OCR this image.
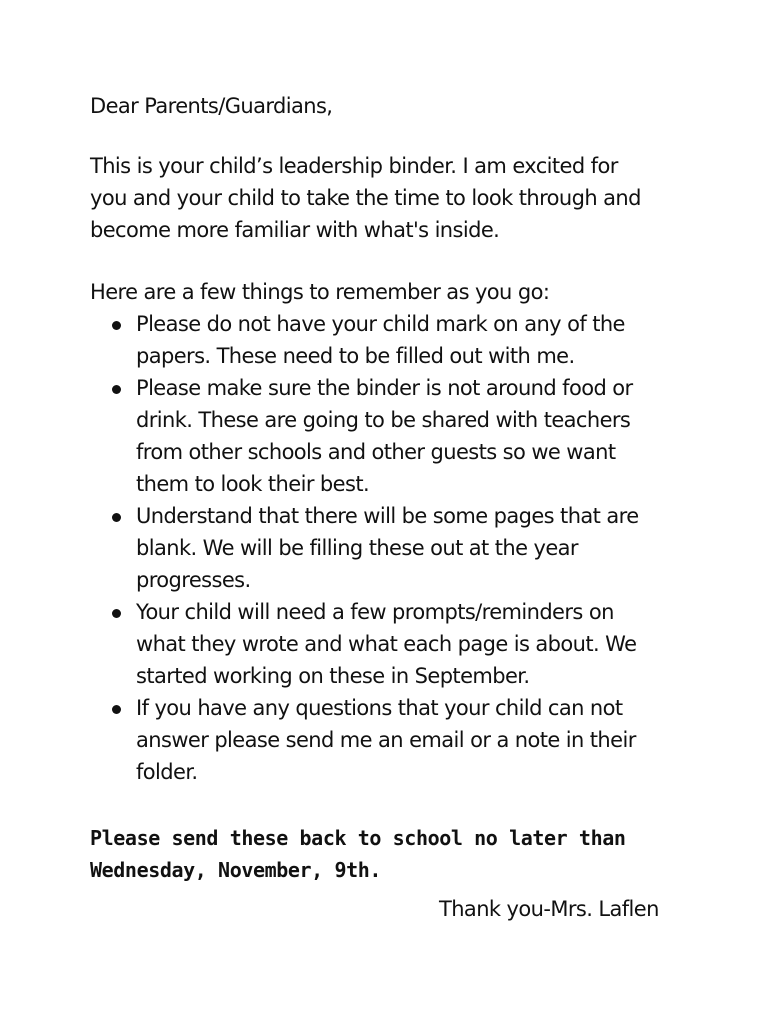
Dear Parents/Guardians,
This is your child’s leadership binder. I am excited for
you and your child to take the time to look through and
become more familiar with what's inside.
Here are a few things to remember as you go:
Please do not have your child mark on any of the
papers. These need to be filled out with me.
Please make sure the binder is not around food or
drink. These are going to be shared with teachers
from other schools and other guests so we want
them to look their best.
Understand that there will be some pages that are
blank. We will be filling these out at the year
progresses.
Your child will need a few prompts/reminders on
what they wrote and what each page is about. We
started working on these in September.
If you have any questions that your child can not
answer please send me an email or a note in their
folder.
Please send these back to school no later than
Wednesday, November, 9th.
Thank you-Mrs. Laflen
